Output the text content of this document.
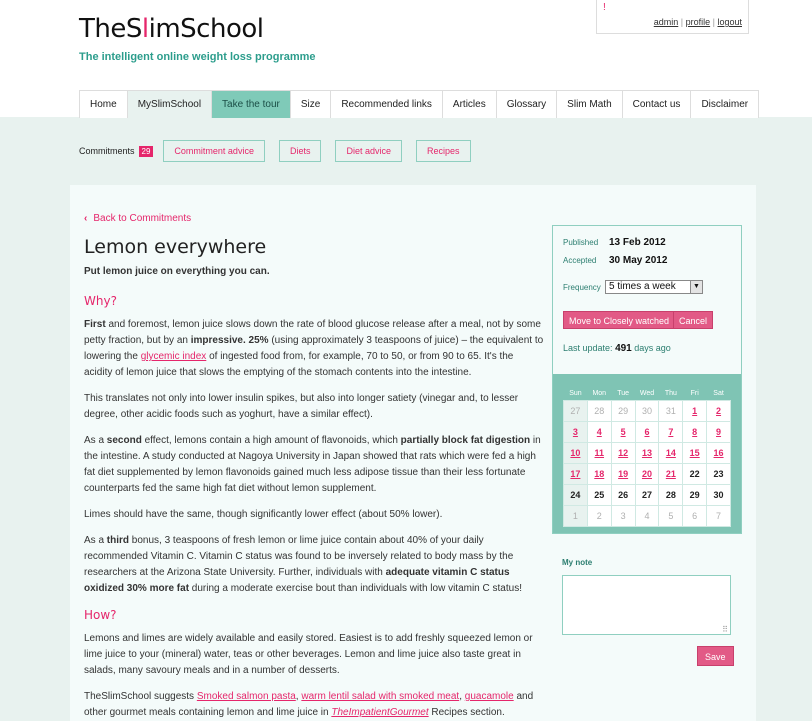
TheSlimSchool
The intelligent online weight loss programme
!
admin | profile | logout
Home	MySlimSchool	Take the tour	Size	Recommended links	Articles	Glossary	Slim Math	Contact us	Disclaimer
Commitments 29	Commitment advice	Diets	Diet advice	Recipes
‹ Back to Commitments
Lemon everywhere
Put lemon juice on everything you can.
Why?

First and foremost, lemon juice slows down the rate of blood glucose release after a meal, not by some petty fraction, but by an impressive. 25% (using approximately 3 teaspoons of juice) – the equivalent to lowering the glycemic index of ingested food from, for example, 70 to 50, or from 90 to 65. It's the acidity of lemon juice that slows the emptying of the stomach contents into the intestine.

This translates not only into lower insulin spikes, but also into longer satiety (vinegar and, to lesser degree, other acidic foods such as yoghurt, have a similar effect).

As a second effect, lemons contain a high amount of flavonoids, which partially block fat digestion in the intestine. A study conducted at Nagoya University in Japan showed that rats which were fed a high fat diet supplemented by lemon flavonoids gained much less adipose tissue than their less fortunate counterparts fed the same high fat diet without lemon supplement.

Limes should have the same, though significantly lower effect (about 50% lower).

As a third bonus, 3 teaspoons of fresh lemon or lime juice contain about 40% of your daily recommended Vitamin C. Vitamin C status was found to be inversely related to body mass by the researchers at the Arizona State University. Further, individuals with adequate vitamin C status oxidized 30% more fat during a moderate exercise bout than individuals with low vitamin C status!

How?

Lemons and limes are widely available and easily stored. Easiest is to add freshly squeezed lemon or lime juice to your (mineral) water, teas or other beverages. Lemon and lime juice also taste great in salads, many savoury meals and in a number of desserts.

TheSlimSchool suggests Smoked salmon pasta, warm lentil salad with smoked meat, guacamole and other gourmet meals containing lemon and lime juice in TheImpatientGourmet Recipes section.

Published 13 Feb 2012
Accepted 30 May 2012
Frequency 5 times a week	▼
Move to Closely watched	Cancel
Last update: 491 days ago
Sun	Mon	Tue	Wed	Thu	Fri	Sat
27	28	29	30	31	1	2
3	4	5	6	7	8	9
10	11	12	13	14	15	16
17	18	19	20	21	22	23
24	25	26	27	28	29	30
1	2	3	4	5	6	7
My note
⠿
Save
